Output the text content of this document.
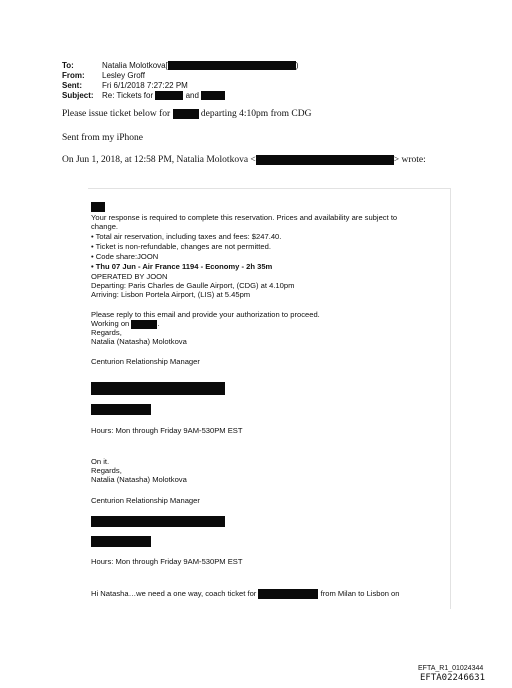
To:	Natalia Molotkova[	)
From: Lesley Groff
Sent:	Fri 6/1/2018 7:27:22 PM
Subject: Re: Tickets for	and
Please issue ticket below for	departing 4:10pm from CDG
Sent from my iPhone
On Jun 1, 2018, at 12:58 PM, Natalia Molotkova <	> wrote:
Your response is required to complete this reservation. Prices and availability are subject to
change.
• Total air reservation, including taxes and fees: $247.40.
• Ticket is non-refundable, changes are not permitted.
• Code share:JOON
• Thu 07 Jun - Air France 1194 - Economy - 2h 35m
OPERATED BY JOON
Departing: Paris Charles de Gaulle Airport, (CDG) at 4.10pm
Arriving: Lisbon Portela Airport, (LIS) at 5.45pm
Please reply to this email and provide your authorization to proceed.
Working on	.
Regards,
Natalia (Natasha) Molotkova
Centurion Relationship Manager
Hours: Mon through Friday 9AM-530PM EST
On it.
Regards,
Natalia (Natasha) Molotkova
Centurion Relationship Manager
Hours: Mon through Friday 9AM-530PM EST
Hi Natasha…we need a one way, coach ticket for	from Milan to Lisbon on
EFTA_R1_01024344
EFTA02246631
